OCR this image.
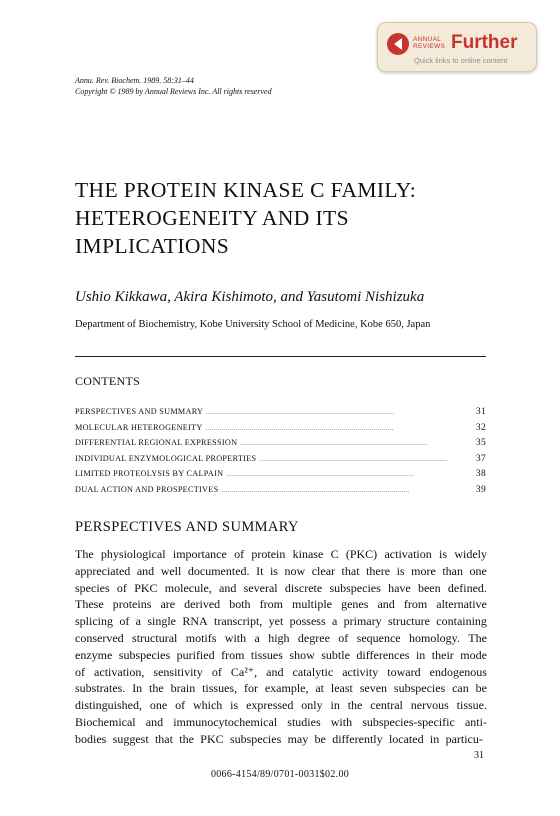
ANNUAL
REVIEWS Further
Quick links to online content
Annu. Rev. Biochem. 1989. 58:31–44
Copyright © 1989 by Annual Reviews Inc. All rights reserved
THE PROTEIN KINASE C FAMILY:
HETEROGENEITY AND ITS
IMPLICATIONS
Ushio Kikkawa, Akira Kishimoto, and Yasutomi Nishizuka
Department of Biochemistry, Kobe University School of Medicine, Kobe 650, Japan
CONTENTS
PERSPECTIVES AND SUMMARY . . .	31
MOLECULAR HETEROGENEITY . . .	32
DIFFERENTIAL REGIONAL EXPRESSION . . .	35
INDIVIDUAL ENZYMOLOGICAL PROPERTIES . . .	37
LIMITED PROTEOLYSIS BY CALPAIN . . .	38
DUAL ACTION AND PROSPECTIVES . . .	39
PERSPECTIVES AND SUMMARY
The physiological importance of protein kinase C (PKC) activation is widely
appreciated and well documented. It is now clear that there is more than one
species of PKC molecule, and several discrete subspecies have been defined.
These proteins are derived both from multiple genes and from alternative
splicing of a single RNA transcript, yet possess a primary structure containing
conserved structural motifs with a high degree of sequence homology. The
enzyme subspecies purified from tissues show subtle differences in their mode
of activation, sensitivity of Ca²⁺, and catalytic activity toward endogenous
substrates. In the brain tissues, for example, at least seven subspecies can be
distinguished, one of which is expressed only in the central nervous tissue.
Biochemical and immunocytochemical studies with subspecies-specific anti-
bodies suggest that the PKC subspecies may be differently located in particu-
31
0066-4154/89/0701-0031$02.00
